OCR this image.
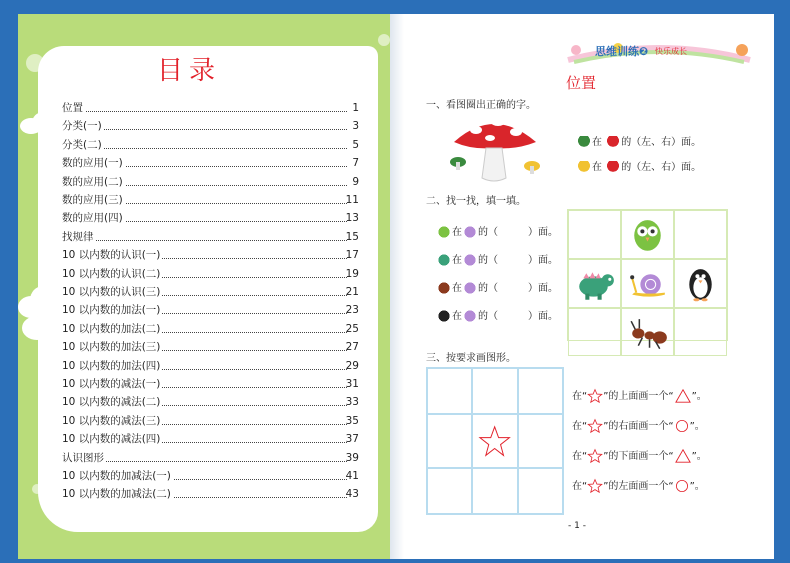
目录
位置	1
分类(一)	3
分类(二)	5
数的应用(一)	7
数的应用(二)	9
数的应用(三)	11
数的应用(四)	13
找规律	15
10 以内数的认识(一)	17
10 以内数的认识(二)	19
10 以内数的认识(三)	21
10 以内数的加法(一)	23
10 以内数的加法(二)	25
10 以内数的加法(三)	27
10 以内数的加法(四)	29
10 以内数的减法(一)	31
10 以内数的减法(二)	33
10 以内数的减法(三)	35
10 以内数的减法(四)	37
认识图形	39
10 以内数的加减法(一)	41
10 以内数的加减法(二)	43
思维训练❷ 快乐成长
位置
一、看图圈出正确的字。
在 的（左、右）面。
在 的（左、右）面。
二、找一找，填一填。
在 的（	）面。
在 的（	）面。
在 的（	）面。
在 的（	）面。
三、按要求画图形。
在“ ”的上面画一个“ ”。
在“ ”的右面画一个“ ”。
在“ ”的下面画一个“ ”。
在“ ”的左面画一个“ ”。
- 1 -
